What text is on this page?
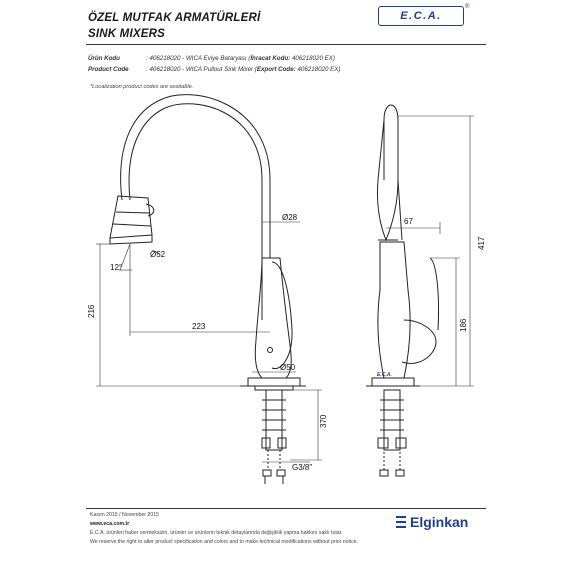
ÖZEL MUTFAK ARMATÜRLERİ
SINK MIXERS
E.C.A.
®
Ürün Kodu	: 406218020 - WICA Eviye Bataryası (İhracat Kodu: 406218020 EX)
Product Code	: 406218020 - WICA Pullout Sink Mixer (Export Code: 406218020 EX)
*Localization product codes are available.
Ø28
Ø52
12°
216
223
Ø50
370
G3/8"
67
417
186
E.C.A.
Kasım 2015 / November 2015
www.eca.com.tr
E.C.A. ürünleri haber vermeksizin, ürünler ve ürünlerin teknik detaylarında değişiklik yapma hakkını saklı tutar.
We reserve the right to alter product specification and colors and to make technical modifications without prior notice.
Elginkan
